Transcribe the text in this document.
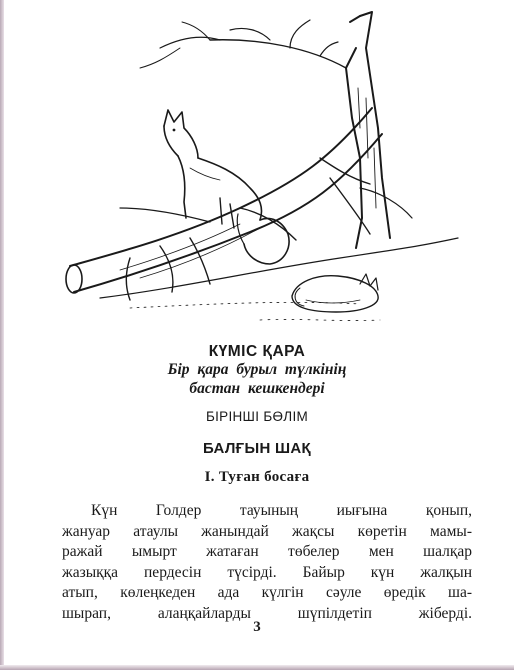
КҮМІС ҚАРА
Бір қара бурыл түлкінің
бастан кешкендері
БІРІНШІ БӨЛІМ
БАЛҒЫН ШАҚ
І. Туған босаға
Күн Голдер тауының иығына қонып,
жануар атаулы жанындай жақсы көретін мамы-
ражай ымырт жатаған төбелер мен шалқар
жазыққа пердесін түсірді. Байыр күн жалқын
атып, көлеңкеден ада күлгін сәуле өредік ша-
шырап, алаңқайларды шүпілдетіп жіберді.
3
